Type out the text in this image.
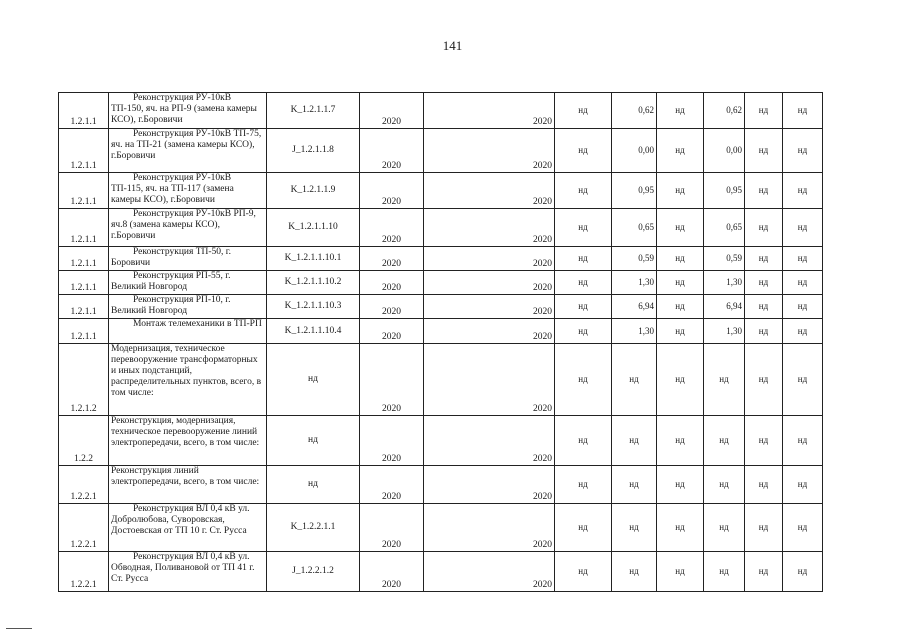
141
1.2.1.1	Реконструкция РУ-10кВ ТП-150, яч. на РП-9 (замена камеры КСО), г.Боровичи	K_1.2.1.1.7	2020	2020	нд	0,62	нд	0,62	нд	нд
1.2.1.1	Реконструкция РУ-10кВ ТП-75, яч. на ТП-21 (замена камеры КСО), г.Боровичи	J_1.2.1.1.8	2020	2020	нд	0,00	нд	0,00	нд	нд
1.2.1.1	Реконструкция РУ-10кВ ТП-115, яч. на ТП-117 (замена камеры КСО), г.Боровичи	K_1.2.1.1.9	2020	2020	нд	0,95	нд	0,95	нд	нд
1.2.1.1	Реконструкция РУ-10кВ РП-9, яч.8 (замена камеры КСО), г.Боровичи	K_1.2.1.1.10	2020	2020	нд	0,65	нд	0,65	нд	нд
1.2.1.1	Реконструкция ТП-50, г. Боровичи	K_1.2.1.1.10.1	2020	2020	нд	0,59	нд	0,59	нд	нд
1.2.1.1	Реконструкция РП-55, г. Великий Новгород	K_1.2.1.1.10.2	2020	2020	нд	1,30	нд	1,30	нд	нд
1.2.1.1	Реконструкция РП-10, г. Великий Новгород	K_1.2.1.1.10.3	2020	2020	нд	6,94	нд	6,94	нд	нд
1.2.1.1	Монтаж телемеханики в ТП-РП	K_1.2.1.1.10.4	2020	2020	нд	1,30	нд	1,30	нд	нд
1.2.1.2	Модернизация, техническое перевооружение трансформаторных и иных подстанций, распределительных пунктов, всего, в том числе:	нд	2020	2020	нд	нд	нд	нд	нд	нд
1.2.2	Реконструкция, модернизация, техническое перевооружение линий электропередачи, всего, в том числе:	нд	2020	2020	нд	нд	нд	нд	нд	нд
1.2.2.1	Реконструкция линий электропередачи, всего, в том числе:	нд	2020	2020	нд	нд	нд	нд	нд	нд
1.2.2.1	Реконструкция ВЛ 0,4 кВ ул. Добролюбова, Суворовская, Достоевская от ТП 10 г. Ст. Русса	K_1.2.2.1.1	2020	2020	нд	нд	нд	нд	нд	нд
1.2.2.1	Реконструкция ВЛ 0,4 кВ ул. Обводная, Поливановой от ТП 41 г. Ст. Русса	J_1.2.2.1.2	2020	2020	нд	нд	нд	нд	нд	нд
